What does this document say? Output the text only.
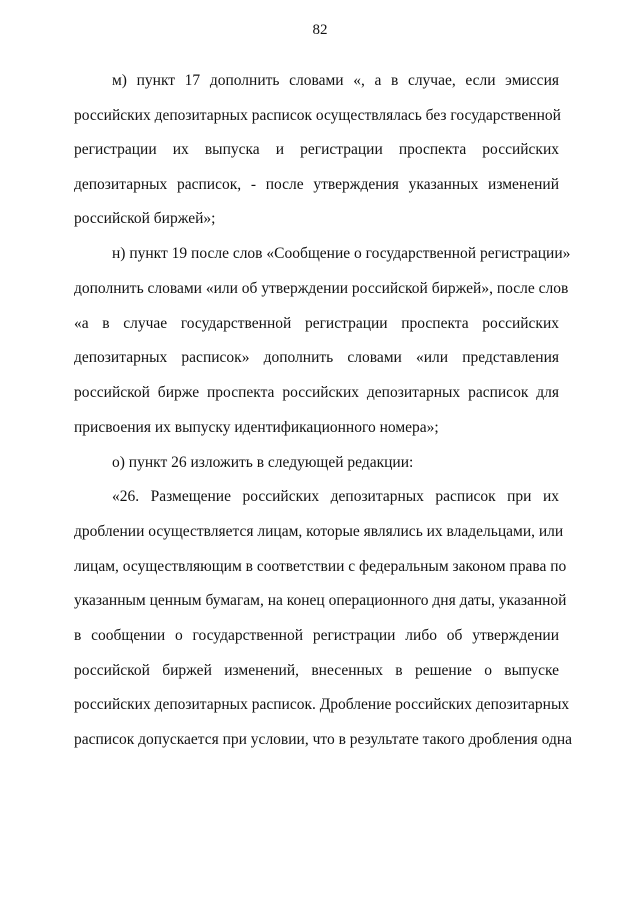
82
м) пункт 17 дополнить словами «, а в случае, если эмиссия
российских депозитарных расписок осуществлялась без государственной
регистрации их выпуска и регистрации проспекта российских
депозитарных расписок, - после утверждения указанных изменений
российской биржей»;
н) пункт 19 после слов «Сообщение о государственной регистрации»
дополнить словами «или об утверждении российской биржей», после слов
«а в случае государственной регистрации проспекта российских
депозитарных расписок» дополнить словами «или представления
российской бирже проспекта российских депозитарных расписок для
присвоения их выпуску идентификационного номера»;
о) пункт 26 изложить в следующей редакции:
«26. Размещение российских депозитарных расписок при их
дроблении осуществляется лицам, которые являлись их владельцами, или
лицам, осуществляющим в соответствии с федеральным законом права по
указанным ценным бумагам, на конец операционного дня даты, указанной
в сообщении о государственной регистрации либо об утверждении
российской биржей изменений, внесенных в решение о выпуске
российских депозитарных расписок. Дробление российских депозитарных
расписок допускается при условии, что в результате такого дробления одна
